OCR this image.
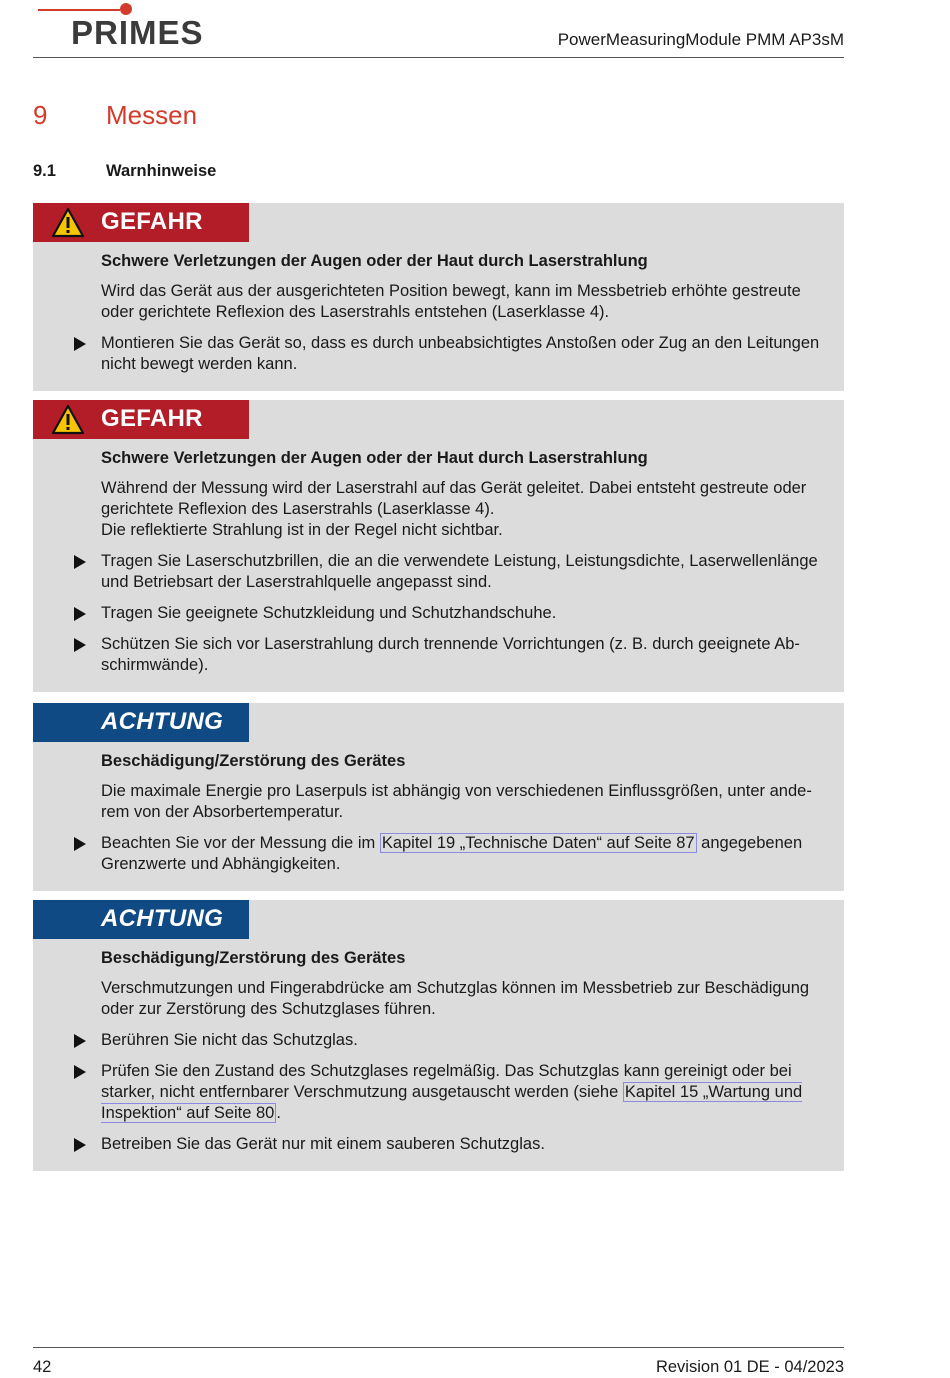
PRIMES	PowerMeasuringModule PMM AP3sM
9 Messen
9.1	Warnhinweise
GEFAHR
Schwere Verletzungen der Augen oder der Haut durch Laserstrahlung
Wird das Gerät aus der ausgerichteten Position bewegt, kann im Messbetrieb erhöhte gestreute oder gerichtete Reflexion des Laserstrahls entstehen (Laserklasse 4).
Montieren Sie das Gerät so, dass es durch unbeabsichtigtes Anstoßen oder Zug an den Leitungen nicht bewegt werden kann.
GEFAHR
Schwere Verletzungen der Augen oder der Haut durch Laserstrahlung
Während der Messung wird der Laserstrahl auf das Gerät geleitet. Dabei entsteht gestreute oder gerichtete Reflexion des Laserstrahls (Laserklasse 4).
Die reflektierte Strahlung ist in der Regel nicht sichtbar.
Tragen Sie Laserschutzbrillen, die an die verwendete Leistung, Leistungsdichte, Laserwellenlänge und Betriebsart der Laserstrahlquelle angepasst sind.
Tragen Sie geeignete Schutzkleidung und Schutzhandschuhe.
Schützen Sie sich vor Laserstrahlung durch trennende Vorrichtungen (z. B. durch geeignete Ab-schirmwände).
ACHTUNG
Beschädigung/Zerstörung des Gerätes
Die maximale Energie pro Laserpuls ist abhängig von verschiedenen Einflussgrößen, unter ande-rem von der Absorbertemperatur.
Beachten Sie vor der Messung die im Kapitel 19 „Technische Daten“ auf Seite 87 angegebenen Grenzwerte und Abhängigkeiten.
ACHTUNG
Beschädigung/Zerstörung des Gerätes
Verschmutzungen und Fingerabdrücke am Schutzglas können im Messbetrieb zur Beschädigung oder zur Zerstörung des Schutzglases führen.
Berühren Sie nicht das Schutzglas.
Prüfen Sie den Zustand des Schutzglases regelmäßig. Das Schutzglas kann gereinigt oder bei starker, nicht entfernbarer Verschmutzung ausgetauscht werden (siehe Kapitel 15 „Wartung und Inspektion“ auf Seite 80 .
Betreiben Sie das Gerät nur mit einem sauberen Schutzglas.
42	Revision 01 DE - 04/2023
